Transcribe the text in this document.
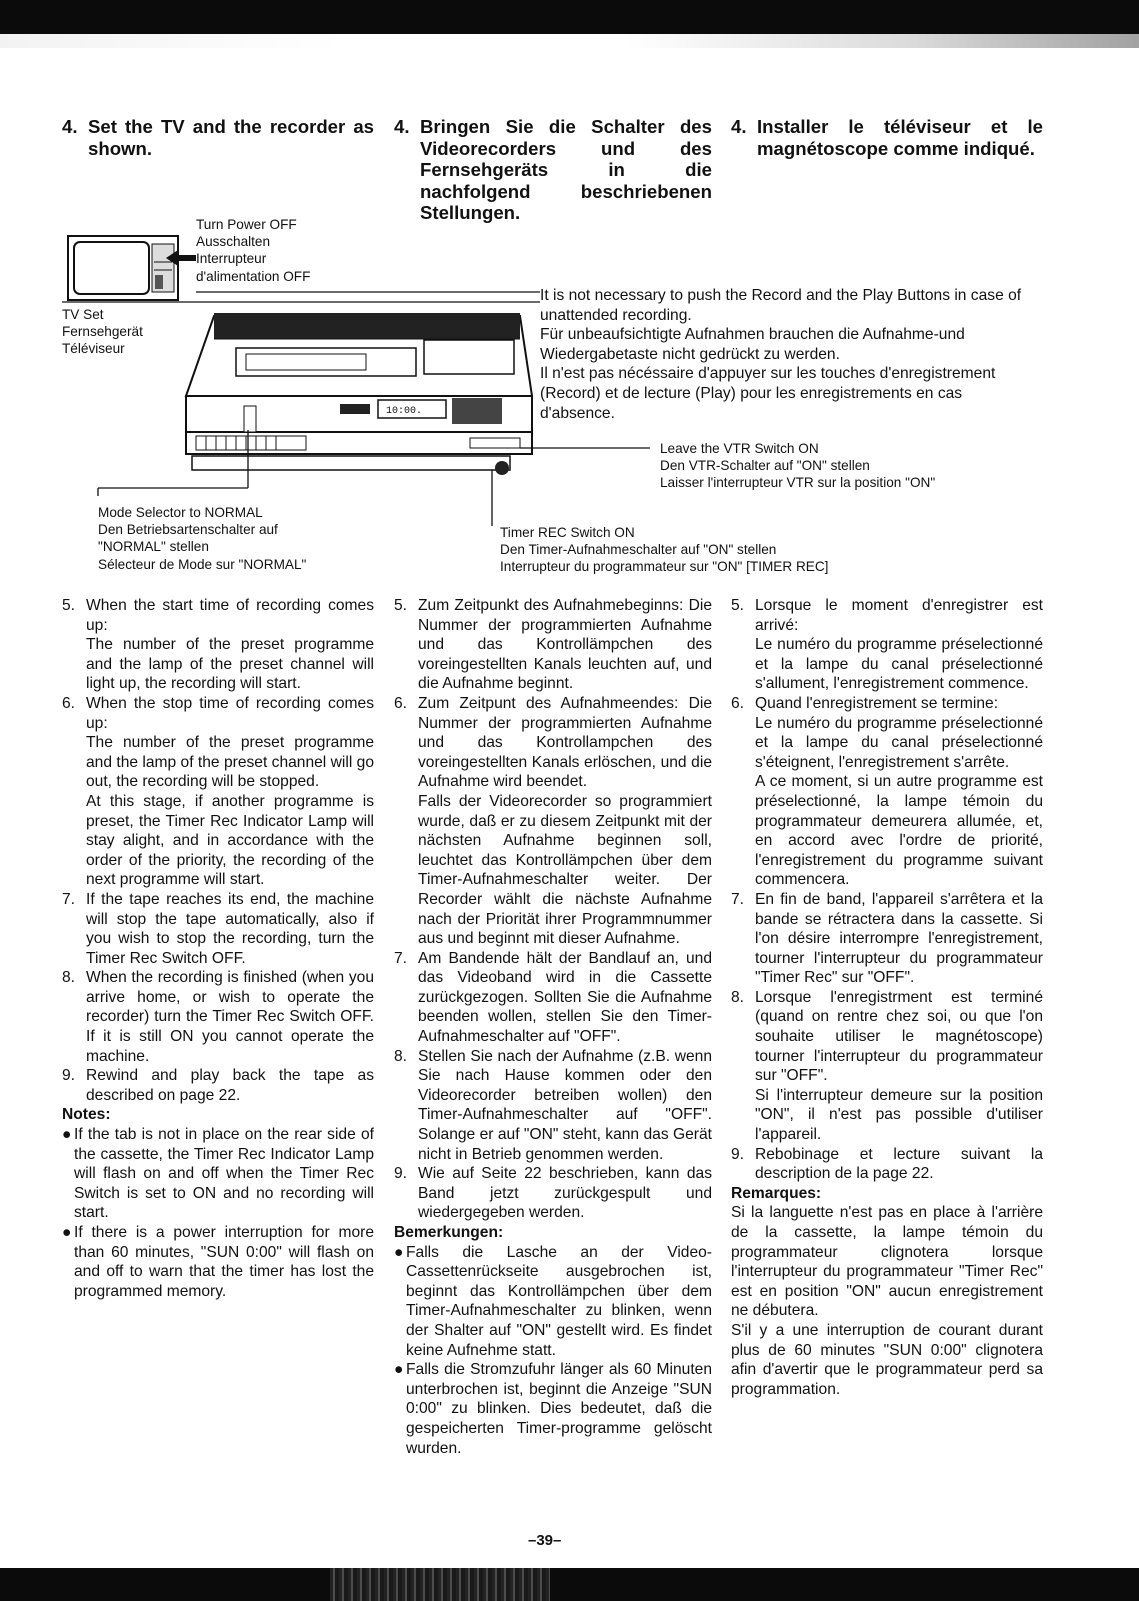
4. Set the TV and the recorder as shown.
4. Bringen Sie die Schalter des Videorecorders und des Fernsehgeräts in die nachfolgend beschriebenen Stellungen.
4. Installer le téléviseur et le magnétoscope comme indiqué.
10:00.
Turn Power OFF
Ausschalten
Interrupteur
d'alimentation OFF
TV Set
Fernsehgerät
Téléviseur
It is not necessary to push the Record and the Play Buttons in case of
unattended recording.
Für unbeaufsichtigte Aufnahmen brauchen die Aufnahme-und
Wiedergabetaste nicht gedrückt zu werden.
Il n'est pas nécéssaire d'appuyer sur les touches d'enregistrement
(Record) et de lecture (Play) pour les enregistrements en cas
d'absence.
Leave the VTR Switch ON
Den VTR-Schalter auf "ON" stellen
Laisser l'interrupteur VTR sur la position "ON"
Mode Selector to NORMAL
Den Betriebsartenschalter auf
"NORMAL" stellen
Sélecteur de Mode sur "NORMAL"
Timer REC Switch ON
Den Timer-Aufnahmeschalter auf "ON" stellen
Interrupteur du programmateur sur "ON" [TIMER REC]
5. When the start time of recording comes up:

The number of the preset programme and the lamp of the preset channel will light up, the recording will start.

6. When the stop time of recording comes up:

The number of the preset programme and the lamp of the preset channel will go out, the recording will be stopped.

At this stage, if another programme is preset, the Timer Rec Indicator Lamp will stay alight, and in accordance with the order of the priority, the recording of the next programme will start.

7. If the tape reaches its end, the machine will stop the tape automatically, also if you wish to stop the recording, turn the Timer Rec Switch OFF.

8. When the recording is finished (when you arrive home, or wish to operate the recorder) turn the Timer Rec Switch OFF. If it is still ON you cannot operate the machine.

9. Rewind and play back the tape as described on page 22.

Notes:

● If the tab is not in place on the rear side of the cassette, the Timer Rec Indicator Lamp will flash on and off when the Timer Rec Switch is set to ON and no recording will start.
● If there is a power interruption for more than 60 minutes, "SUN 0:00" will flash on and off to warn that the timer has lost the programmed memory.
5. Zum Zeitpunkt des Aufnahmebeginns: Die Nummer der programmierten Aufnahme und das Kontrollämpchen des voreingestellten Kanals leuchten auf, und die Aufnahme beginnt.

6. Zum Zeitpunt des Aufnahmeendes: Die Nummer der programmierten Aufnahme und das Kontrollampchen des voreingestellten Kanals erlöschen, und die Aufnahme wird beendet.

Falls der Videorecorder so programmiert wurde, daß er zu diesem Zeitpunkt mit der nächsten Aufnahme beginnen soll, leuchtet das Kontrollämpchen über dem Timer-Aufnahmeschalter weiter. Der Recorder wählt die nächste Aufnahme nach der Priorität ihrer Programmnummer aus und beginnt mit dieser Aufnahme.

7. Am Bandende hält der Bandlauf an, und das Videoband wird in die Cassette zurückgezogen. Sollten Sie die Aufnahme beenden wollen, stellen Sie den Timer-Aufnahmeschalter auf "OFF".

8. Stellen Sie nach der Aufnahme (z.B. wenn Sie nach Hause kommen oder den Videorecorder betreiben wollen) den Timer-Aufnahmeschalter auf "OFF". Solange er auf "ON" steht, kann das Gerät nicht in Betrieb genommen werden.

9. Wie auf Seite 22 beschrieben, kann das Band jetzt zurückgespult und wiedergegeben werden.

Bemerkungen:

● Falls die Lasche an der Video-Cassettenrückseite ausgebrochen ist, beginnt das Kontrollämpchen über dem Timer-Aufnahmeschalter zu blinken, wenn der Shalter auf "ON" gestellt wird. Es findet keine Aufnehme statt.
● Falls die Stromzufuhr länger als 60 Minuten unterbrochen ist, beginnt die Anzeige "SUN 0:00" zu blinken. Dies bedeutet, daß die gespeicherten Timer-programme gelöscht wurden.
5. Lorsque le moment d'enregistrer est arrivé:

Le numéro du programme préselectionné et la lampe du canal préselectionné s'allument, l'enregistrement commence.

6. Quand l'enregistrement se termine:

Le numéro du programme préselectionné et la lampe du canal préselectionné s'éteignent, l'enregistrement s'arrête.

A ce moment, si un autre programme est préselectionné, la lampe témoin du programmateur demeurera allumée, et, en accord avec l'ordre de priorité, l'enregistrement du programme suivant commencera.

7. En fin de band, l'appareil s'arrêtera et la bande se rétractera dans la cassette. Si l'on désire interrompre l'enregistrement, tourner l'interrupteur du programmateur "Timer Rec" sur "OFF".

8. Lorsque l'enregistrment est terminé (quand on rentre chez soi, ou que l'on souhaite utiliser le magnétoscope) tourner l'interrupteur du programmateur sur "OFF".

Si l'interrupteur demeure sur la position "ON", il n'est pas possible d'utiliser l'appareil.

9. Rebobinage et lecture suivant la description de la page 22.

Remarques:

Si la languette n'est pas en place à l'arrière de la cassette, la lampe témoin du programmateur clignotera lorsque l'interrupteur du programmateur "Timer Rec" est en position "ON" aucun enregistrement ne débutera.

S'il y a une interruption de courant durant plus de 60 minutes "SUN 0:00" clignotera afin d'avertir que le programmateur perd sa programmation.

–39–
